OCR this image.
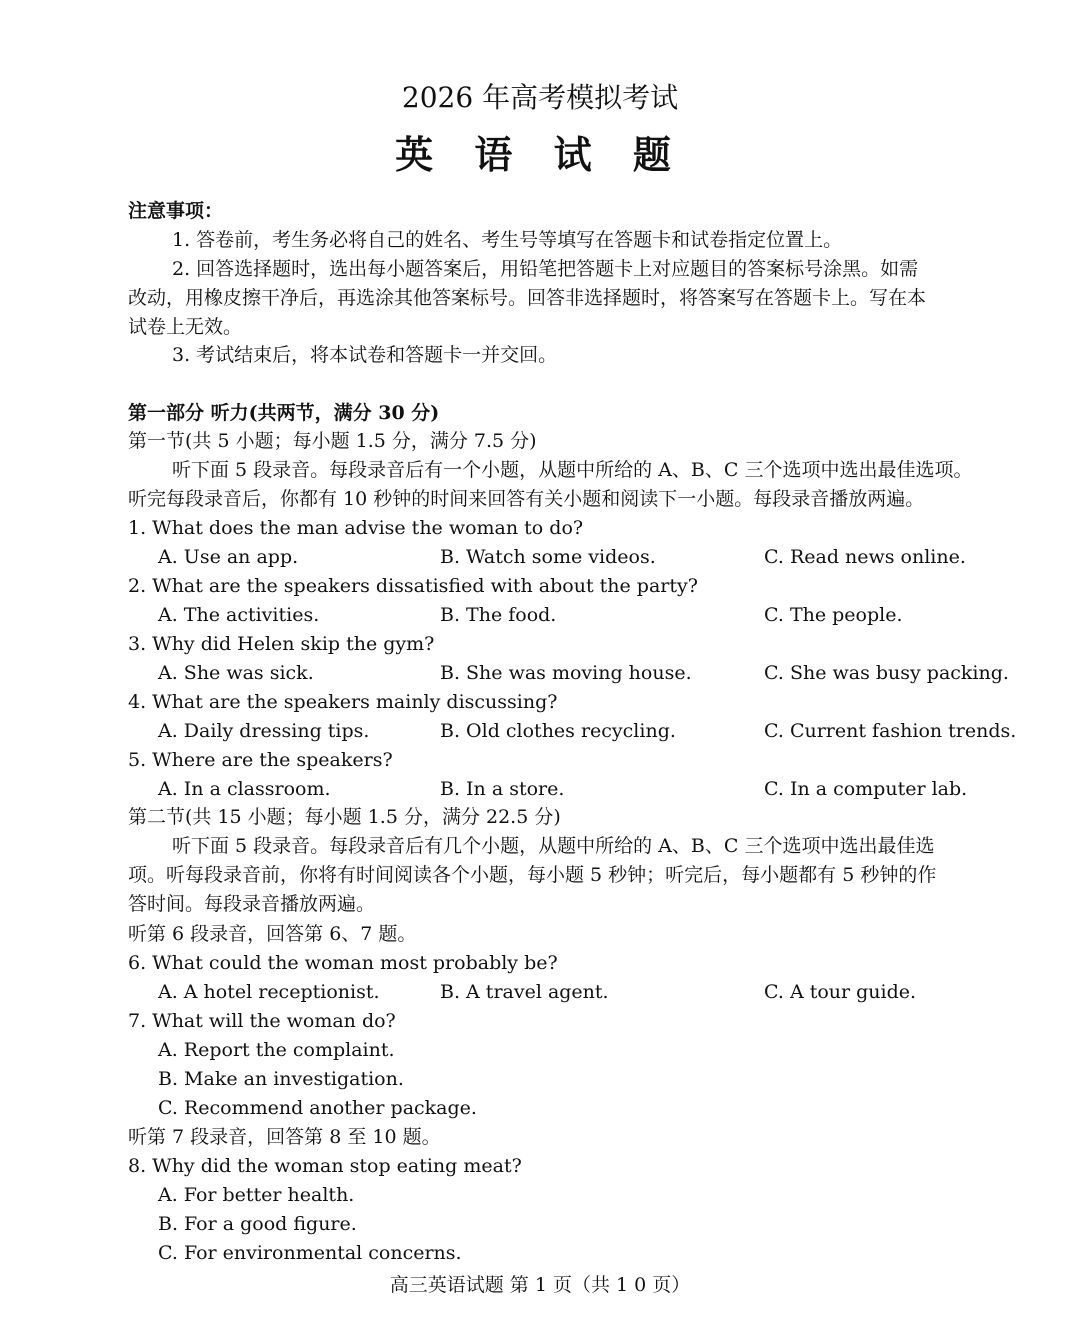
2026 年高考模拟考试
英 语 试 题
注意事项：
1. 答卷前，考生务必将自己的姓名、考生号等填写在答题卡和试卷指定位置上。
2. 回答选择题时，选出每小题答案后，用铅笔把答题卡上对应题目的答案标号涂黑。如需
改动，用橡皮擦干净后，再选涂其他答案标号。回答非选择题时，将答案写在答题卡上。写在本
试卷上无效。
3. 考试结束后，将本试卷和答题卡一并交回。
第一部分 听力(共两节，满分 30 分)
第一节(共 5 小题；每小题 1.5 分，满分 7.5 分)
听下面 5 段录音。每段录音后有一个小题，从题中所给的 A、B、C 三个选项中选出最佳选项。
听完每段录音后，你都有 10 秒钟的时间来回答有关小题和阅读下一小题。每段录音播放两遍。
1. What does the man advise the woman to do?
A. Use an app.	B. Watch some videos.	C. Read news online.
2. What are the speakers dissatisfied with about the party?
A. The activities.	B. The food.	C. The people.
3. Why did Helen skip the gym?
A. She was sick.	B. She was moving house.	C. She was busy packing.
4. What are the speakers mainly discussing?
A. Daily dressing tips.	B. Old clothes recycling.	C. Current fashion trends.
5. Where are the speakers?
A. In a classroom.	B. In a store.	C. In a computer lab.
第二节(共 15 小题；每小题 1.5 分，满分 22.5 分)
听下面 5 段录音。每段录音后有几个小题，从题中所给的 A、B、C 三个选项中选出最佳选
项。听每段录音前，你将有时间阅读各个小题，每小题 5 秒钟；听完后，每小题都有 5 秒钟的作
答时间。每段录音播放两遍。
听第 6 段录音，回答第 6、7 题。
6. What could the woman most probably be?
A. A hotel receptionist.	B. A travel agent.	C. A tour guide.
7. What will the woman do?
A. Report the complaint.
B. Make an investigation.
C. Recommend another package.
听第 7 段录音，回答第 8 至 10 题。
8. Why did the woman stop eating meat?
A. For better health.
B. For a good figure.
C. For environmental concerns.
高三英语试题 第 1 页（共 1 0 页）
